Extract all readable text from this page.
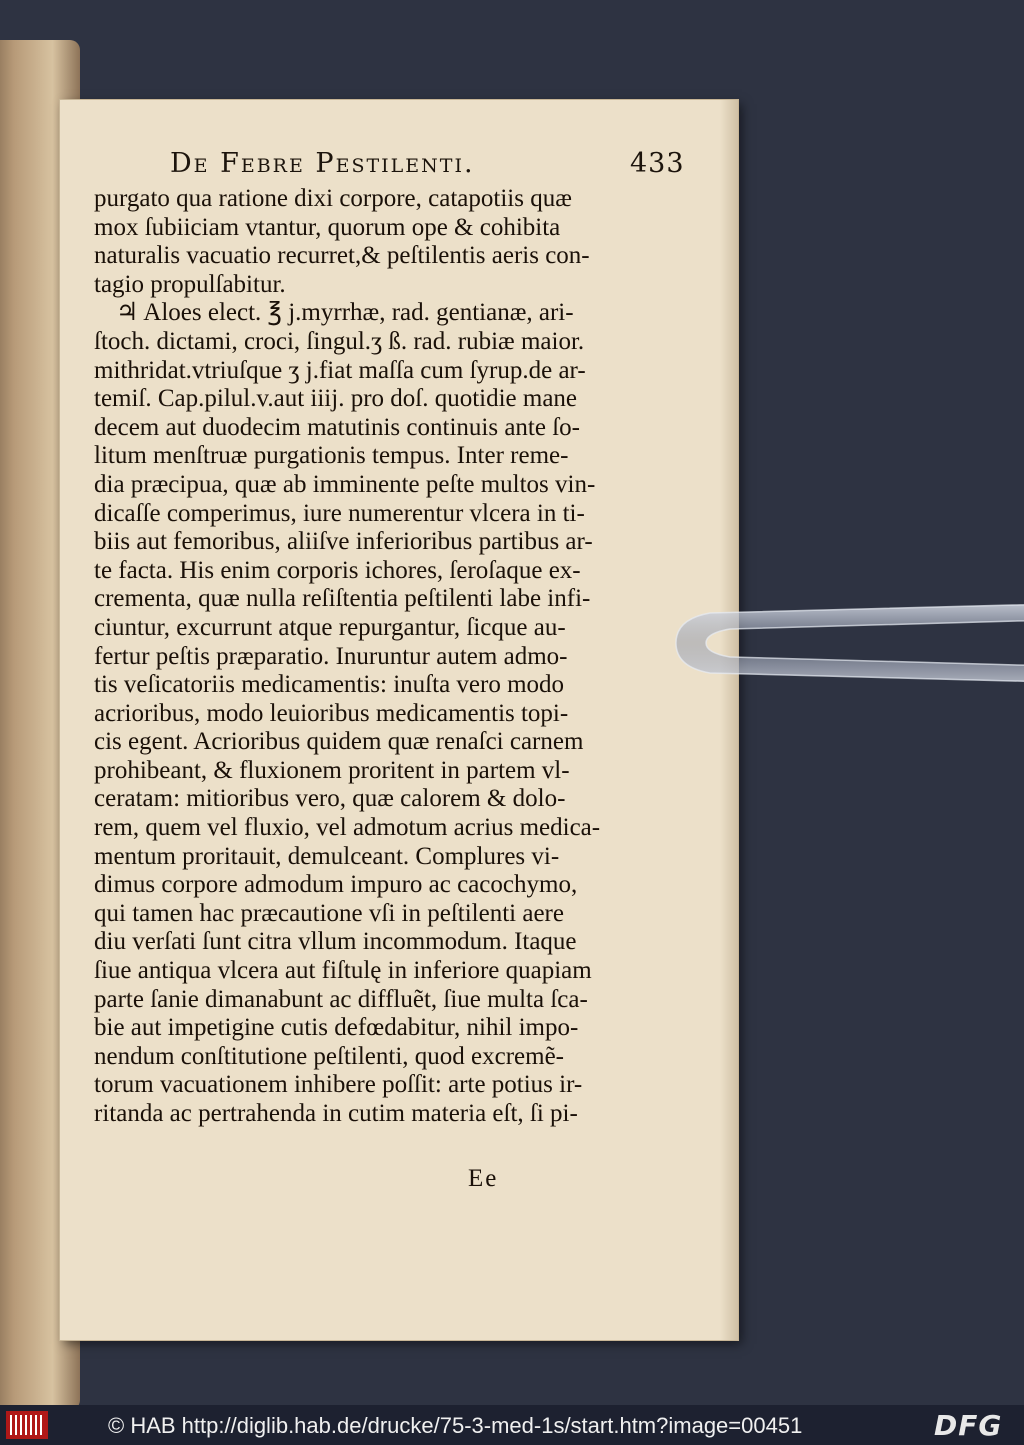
De Febre Pestilenti.	433
purgato qua ratione dixi corpore, catapotiis quæ
mox ſubiiciam vtantur, quorum ope & cohibita
naturalis vacuatio recurret,& peſtilentis aeris con-
tagio propulſabitur.
♃ Aloes elect. ℥ j.myrrhæ, rad. gentianæ, ari-
ſtoch. dictami, croci, ſingul.ʒ ß. rad. rubiæ maior.
mithridat.vtriuſque ʒ j.fiat maſſa cum ſyrup.de ar-
temiſ. Cap.pilul.v.aut iiij. pro doſ. quotidie mane
decem aut duodecim matutinis continuis ante ſo-
litum menſtruæ purgationis tempus. Inter reme-
dia præcipua, quæ ab imminente peſte multos vin-
dicaſſe comperimus, iure numerentur vlcera in ti-
biis aut femoribus, aliiſve inferioribus partibus ar-
te facta. His enim corporis ichores, ſeroſaque ex-
crementa, quæ nulla reſiſtentia peſtilenti labe infi-
ciuntur, excurrunt atque repurgantur, ſicque au-
fertur peſtis præparatio. Inuruntur autem admo-
tis veſicatoriis medicamentis: inuſta vero modo
acrioribus, modo leuioribus medicamentis topi-
cis egent. Acrioribus quidem quæ renaſci carnem
prohibeant, & fluxionem proritent in partem vl-
ceratam: mitioribus vero, quæ calorem & dolo-
rem, quem vel fluxio, vel admotum acrius medica-
mentum proritauit, demulceant. Complures vi-
dimus corpore admodum impuro ac cacochymo,
qui tamen hac præcautione vſi in peſtilenti aere
diu verſati ſunt citra vllum incommodum. Itaque
ſiue antiqua vlcera aut fiſtulę in inferiore quapiam
parte ſanie dimanabunt ac diffluẽt, ſiue multa ſca-
bie aut impetigine cutis defœdabitur, nihil impo-
nendum conſtitutione peſtilenti, quod excremẽ-
torum vacuationem inhibere poſſit: arte potius ir-
ritanda ac pertrahenda in cutim materia eſt, ſi pi-
Ee
© HAB http://diglib.hab.de/drucke/75-3-med-1s/start.htm?image=00451	DFG
